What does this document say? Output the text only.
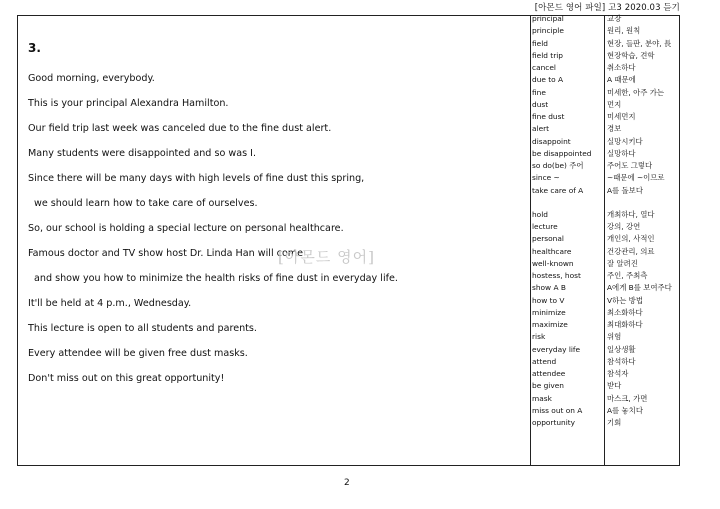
[아몬드 영어 파일] 고3 2020.03 듣기
3.
Good morning, everybody.
This is your principal Alexandra Hamilton.
Our field trip last week was canceled due to the fine dust alert.
Many students were disappointed and so was I.
Since there will be many days with high levels of fine dust this spring,
we should learn how to take care of ourselves.
So, our school is holding a special lecture on personal healthcare.
Famous doctor and TV show host Dr. Linda Han will come
and show you how to minimize the health risks of fine dust in everyday life.
It'll be held at 4 p.m., Wednesday.
This lecture is open to all students and parents.
Every attendee will be given free dust masks.
Don't miss out on this great opportunity!
[아몬드 영어]
principal	교장
principle	원리, 원칙
field	현장, 들판, 분야, 長
field trip	현장학습, 견학
cancel	취소하다
due to A	A 때문에
fine	미세한, 아주 가는
dust	먼지
fine dust	미세먼지
alert	경보
disappoint	실망시키다
be disappointed 실망하다
so do(be) 주어	주어도 그렇다
since ~	~때문에 ~이므로
take care of A	A를 돌보다
hold	개최하다, 열다
lecture	강의, 강연
personal	개인의, 사적인
healthcare	건강관리, 의료
well-known	잘 알려진
hostess, host	주인, 주최측
show A B	A에게 B를 보여주다
how to V	V하는 방법
minimize	최소화하다
maximize	최대화하다
risk	위험
everyday life	일상생활
attend	참석하다
attendee	참석자
be given	받다
mask	마스크, 가면
miss out on A	A를 놓치다
opportunity	기회
2
